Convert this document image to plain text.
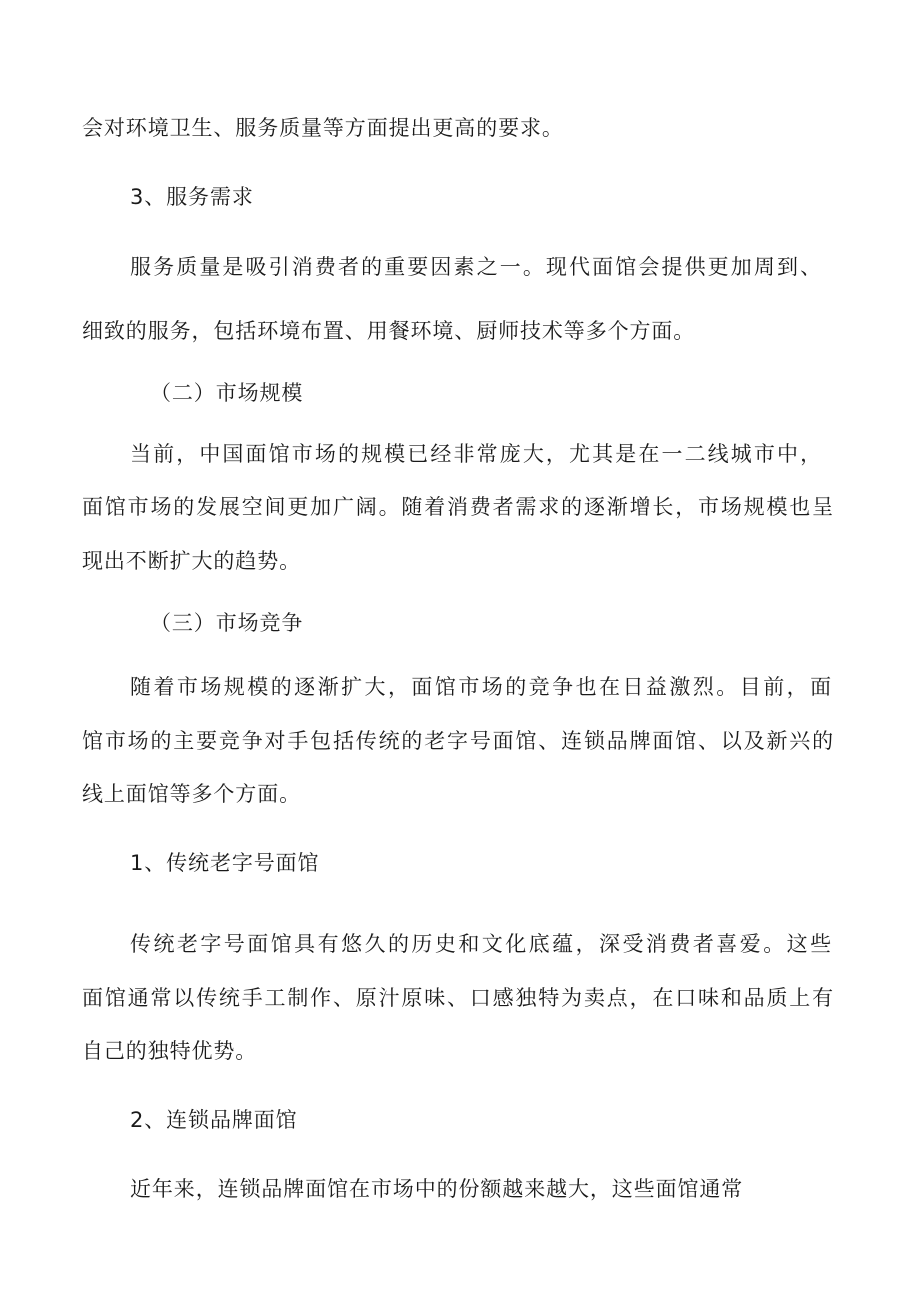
会对环境卫生、服务质量等方面提出更高的要求。
3、服务需求
服务质量是吸引消费者的重要因素之一。现代面馆会提供更加周到、
细致的服务，包括环境布置、用餐环境、厨师技术等多个方面。
（二）市场规模
当前，中国面馆市场的规模已经非常庞大，尤其是在一二线城市中，
面馆市场的发展空间更加广阔。随着消费者需求的逐渐增长，市场规模也呈
现出不断扩大的趋势。
（三）市场竞争
随着市场规模的逐渐扩大，面馆市场的竞争也在日益激烈。目前，面
馆市场的主要竞争对手包括传统的老字号面馆、连锁品牌面馆、以及新兴的
线上面馆等多个方面。
1、传统老字号面馆
传统老字号面馆具有悠久的历史和文化底蕴，深受消费者喜爱。这些
面馆通常以传统手工制作、原汁原味、口感独特为卖点，在口味和品质上有
自己的独特优势。
2、连锁品牌面馆
近年来，连锁品牌面馆在市场中的份额越来越大，这些面馆通常
